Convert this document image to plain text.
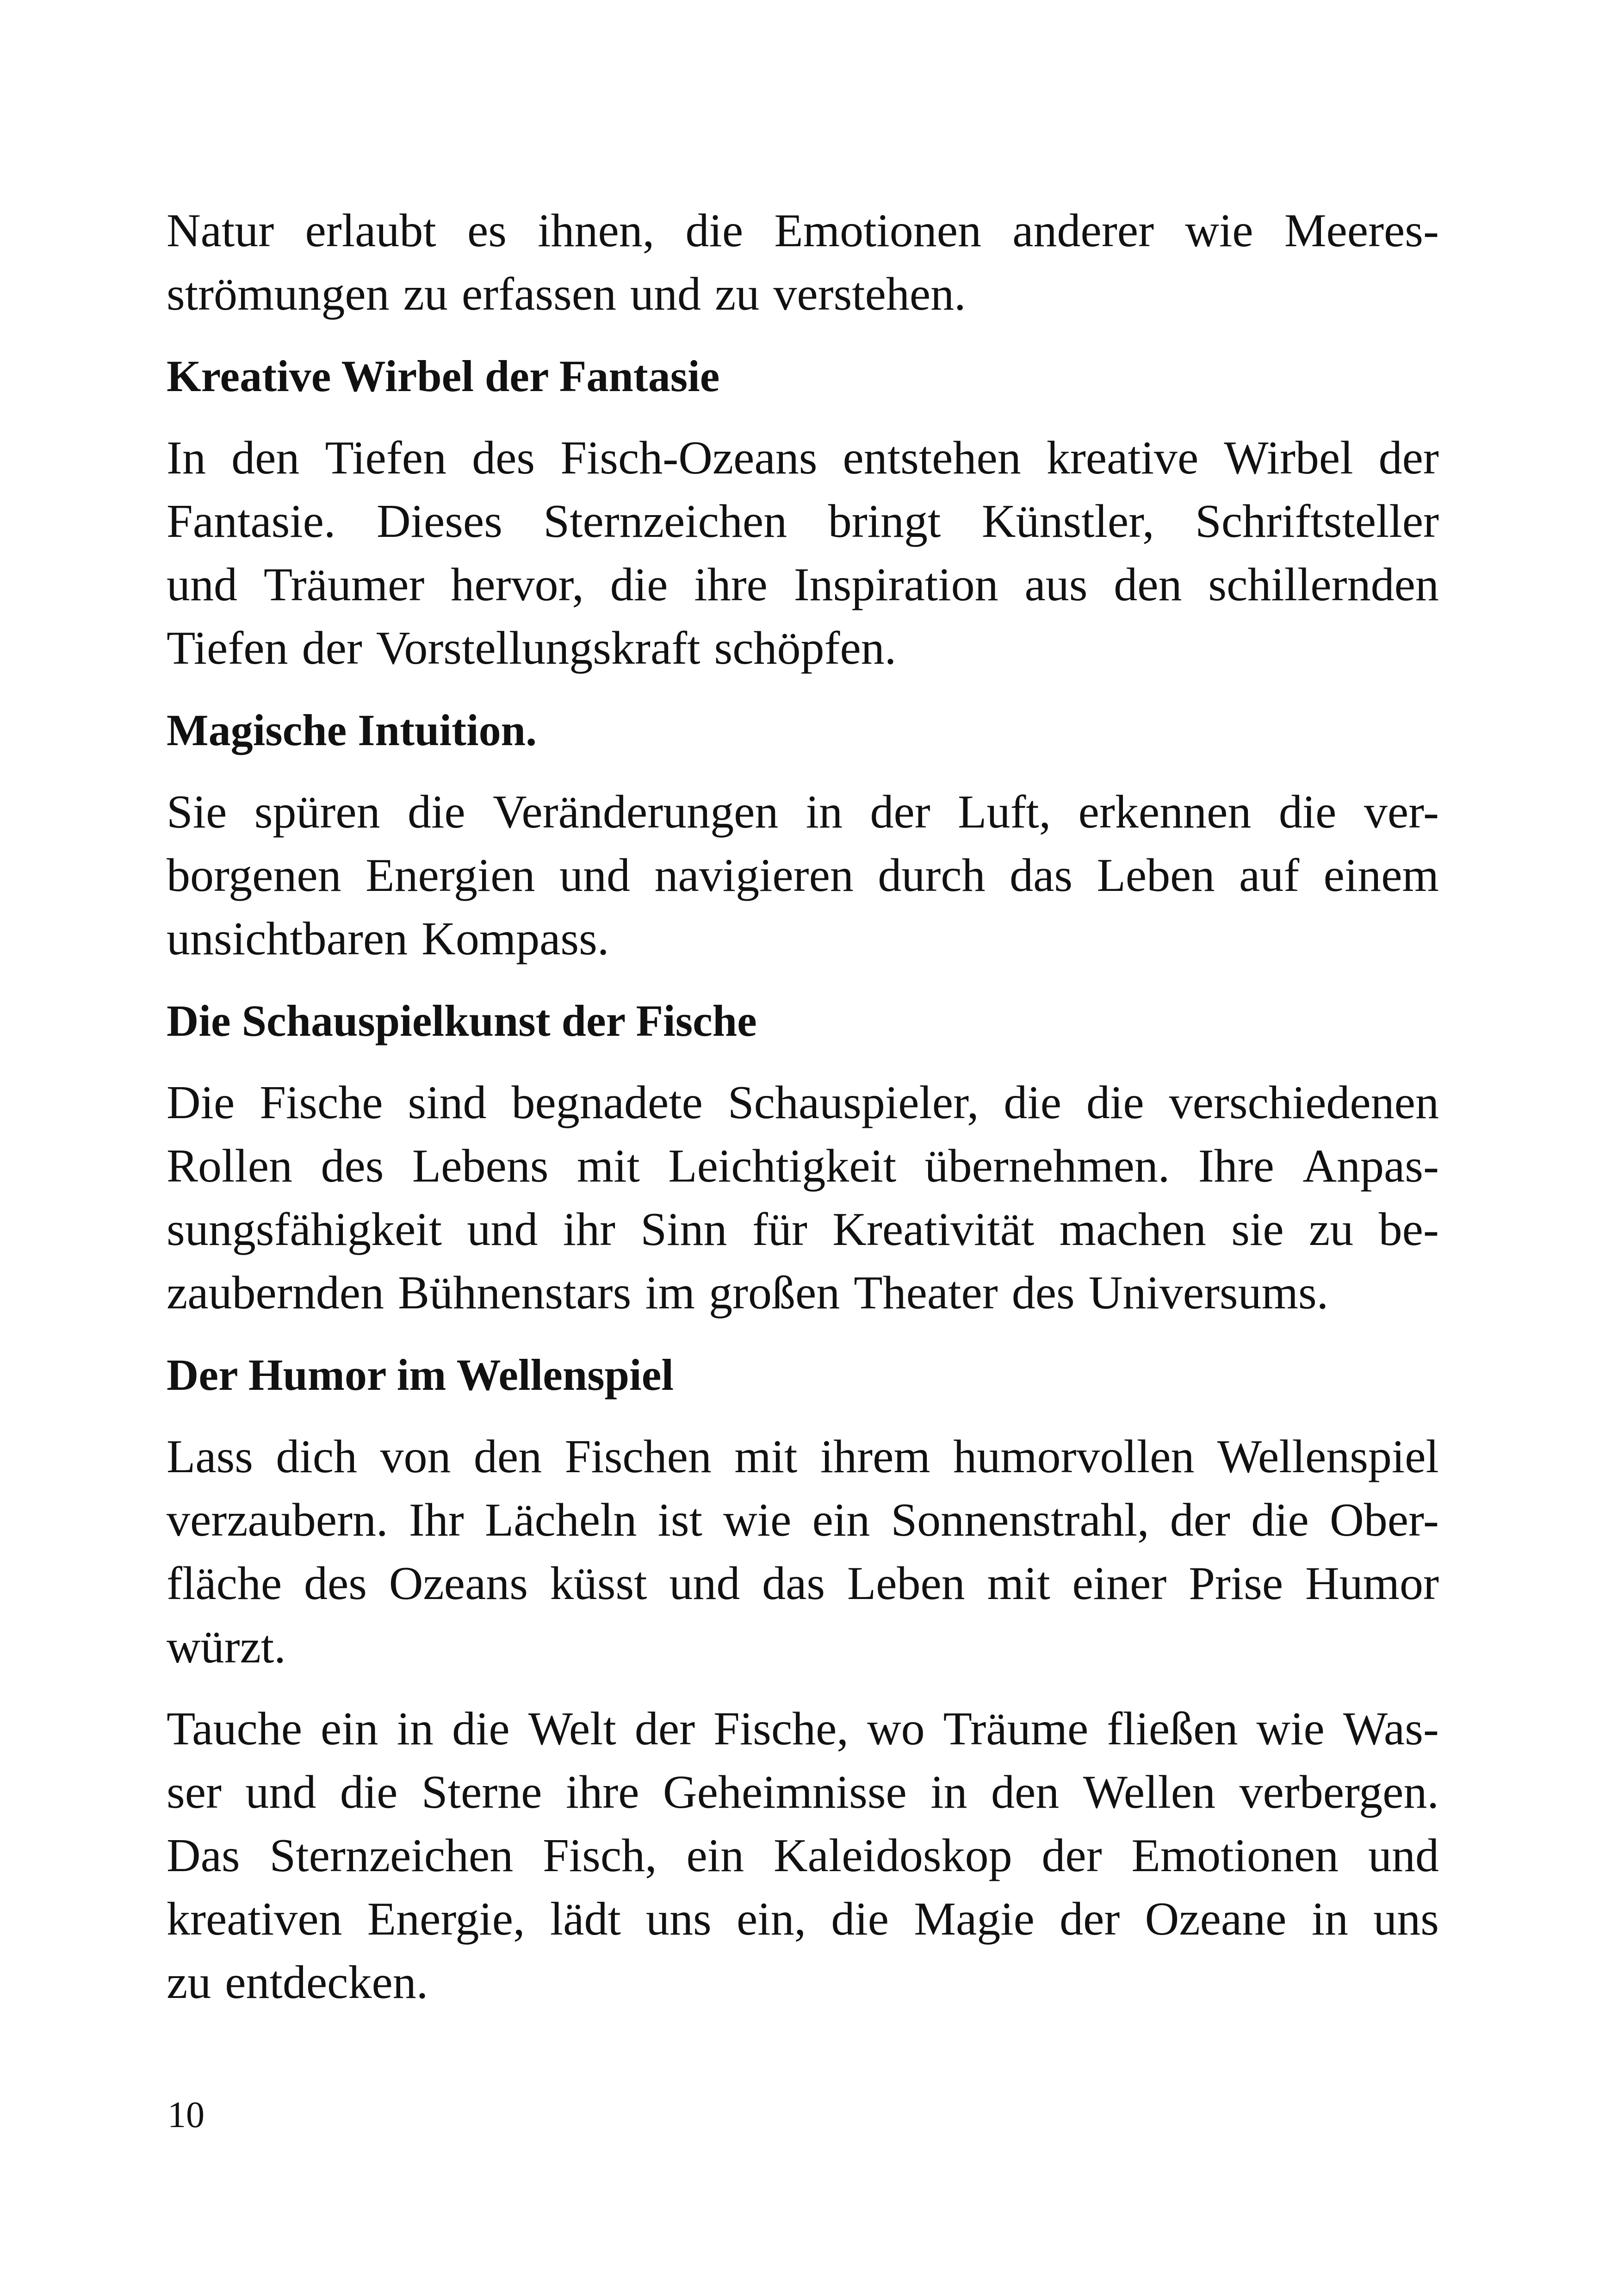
Natur erlaubt es ihnen, die Emotionen anderer wie Meeres-
strömungen zu erfassen und zu verstehen.
Kreative Wirbel der Fantasie
In den Tiefen des Fisch-Ozeans entstehen kreative Wirbel der
Fantasie. Dieses Sternzeichen bringt Künstler, Schriftsteller
und Träumer hervor, die ihre Inspiration aus den schillernden
Tiefen der Vorstellungskraft schöpfen.
Magische Intuition.
Sie spüren die Veränderungen in der Luft, erkennen die ver-
borgenen Energien und navigieren durch das Leben auf einem
unsichtbaren Kompass.
Die Schauspielkunst der Fische
Die Fische sind begnadete Schauspieler, die die verschiedenen
Rollen des Lebens mit Leichtigkeit übernehmen. Ihre Anpas-
sungsfähigkeit und ihr Sinn für Kreativität machen sie zu be-
zaubernden Bühnenstars im großen Theater des Universums.
Der Humor im Wellenspiel
Lass dich von den Fischen mit ihrem humorvollen Wellenspiel
verzaubern. Ihr Lächeln ist wie ein Sonnenstrahl, der die Ober-
fläche des Ozeans küsst und das Leben mit einer Prise Humor
würzt.
Tauche ein in die Welt der Fische, wo Träume fließen wie Was-
ser und die Sterne ihre Geheimnisse in den Wellen verbergen.
Das Sternzeichen Fisch, ein Kaleidoskop der Emotionen und
kreativen Energie, lädt uns ein, die Magie der Ozeane in uns
zu entdecken.
10
